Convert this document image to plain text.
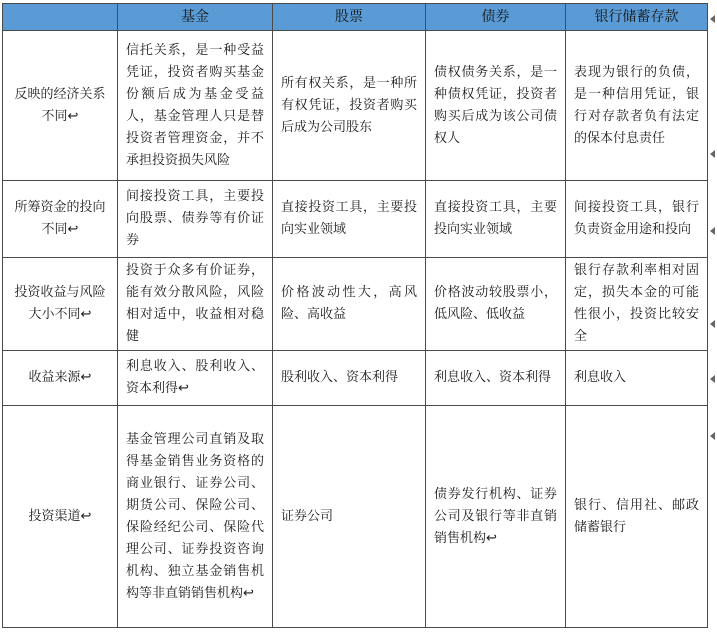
	基金	股票	债券	银行储蓄存款
反映的经济关系不同↩	信托关系，是一种受益凭证，投资者购买基金份额后成为基金受益人，基金管理人只是替投资者管理资金，并不承担投资损失风险	所有权关系，是一种所有权凭证，投资者购买后成为公司股东	债权债务关系，是一种债权凭证，投资者购买后成为该公司债权人	表现为银行的负债，是一种信用凭证，银行对存款者负有法定的保本付息责任
所筹资金的投向不同↩	间接投资工具，主要投向股票、债券等有价证券	直接投资工具，主要投向实业领域	直接投资工具，主要投向实业领域	间接投资工具，银行负责资金用途和投向
投资收益与风险大小不同↩	投资于众多有价证券，能有效分散风险，风险相对适中，收益相对稳健	价格波动性大，高风险、高收益	价格波动较股票小，低风险、低收益	银行存款利率相对固定，损失本金的可能性很小，投资比较安全
收益来源↩	利息收入、股利收入、资本利得↩	股利收入、资本利得	利息收入、资本利得	利息收入
投资渠道↩	基金管理公司直销及取得基金销售业务资格的商业银行、证券公司、期货公司、保险公司、保险经纪公司、保险代理公司、证券投资咨询机构、独立基金销售机构等非直销销售机构↩	证券公司	债券发行机构、证券公司及银行等非直销销售机构↩	银行、信用社、邮政储蓄银行
